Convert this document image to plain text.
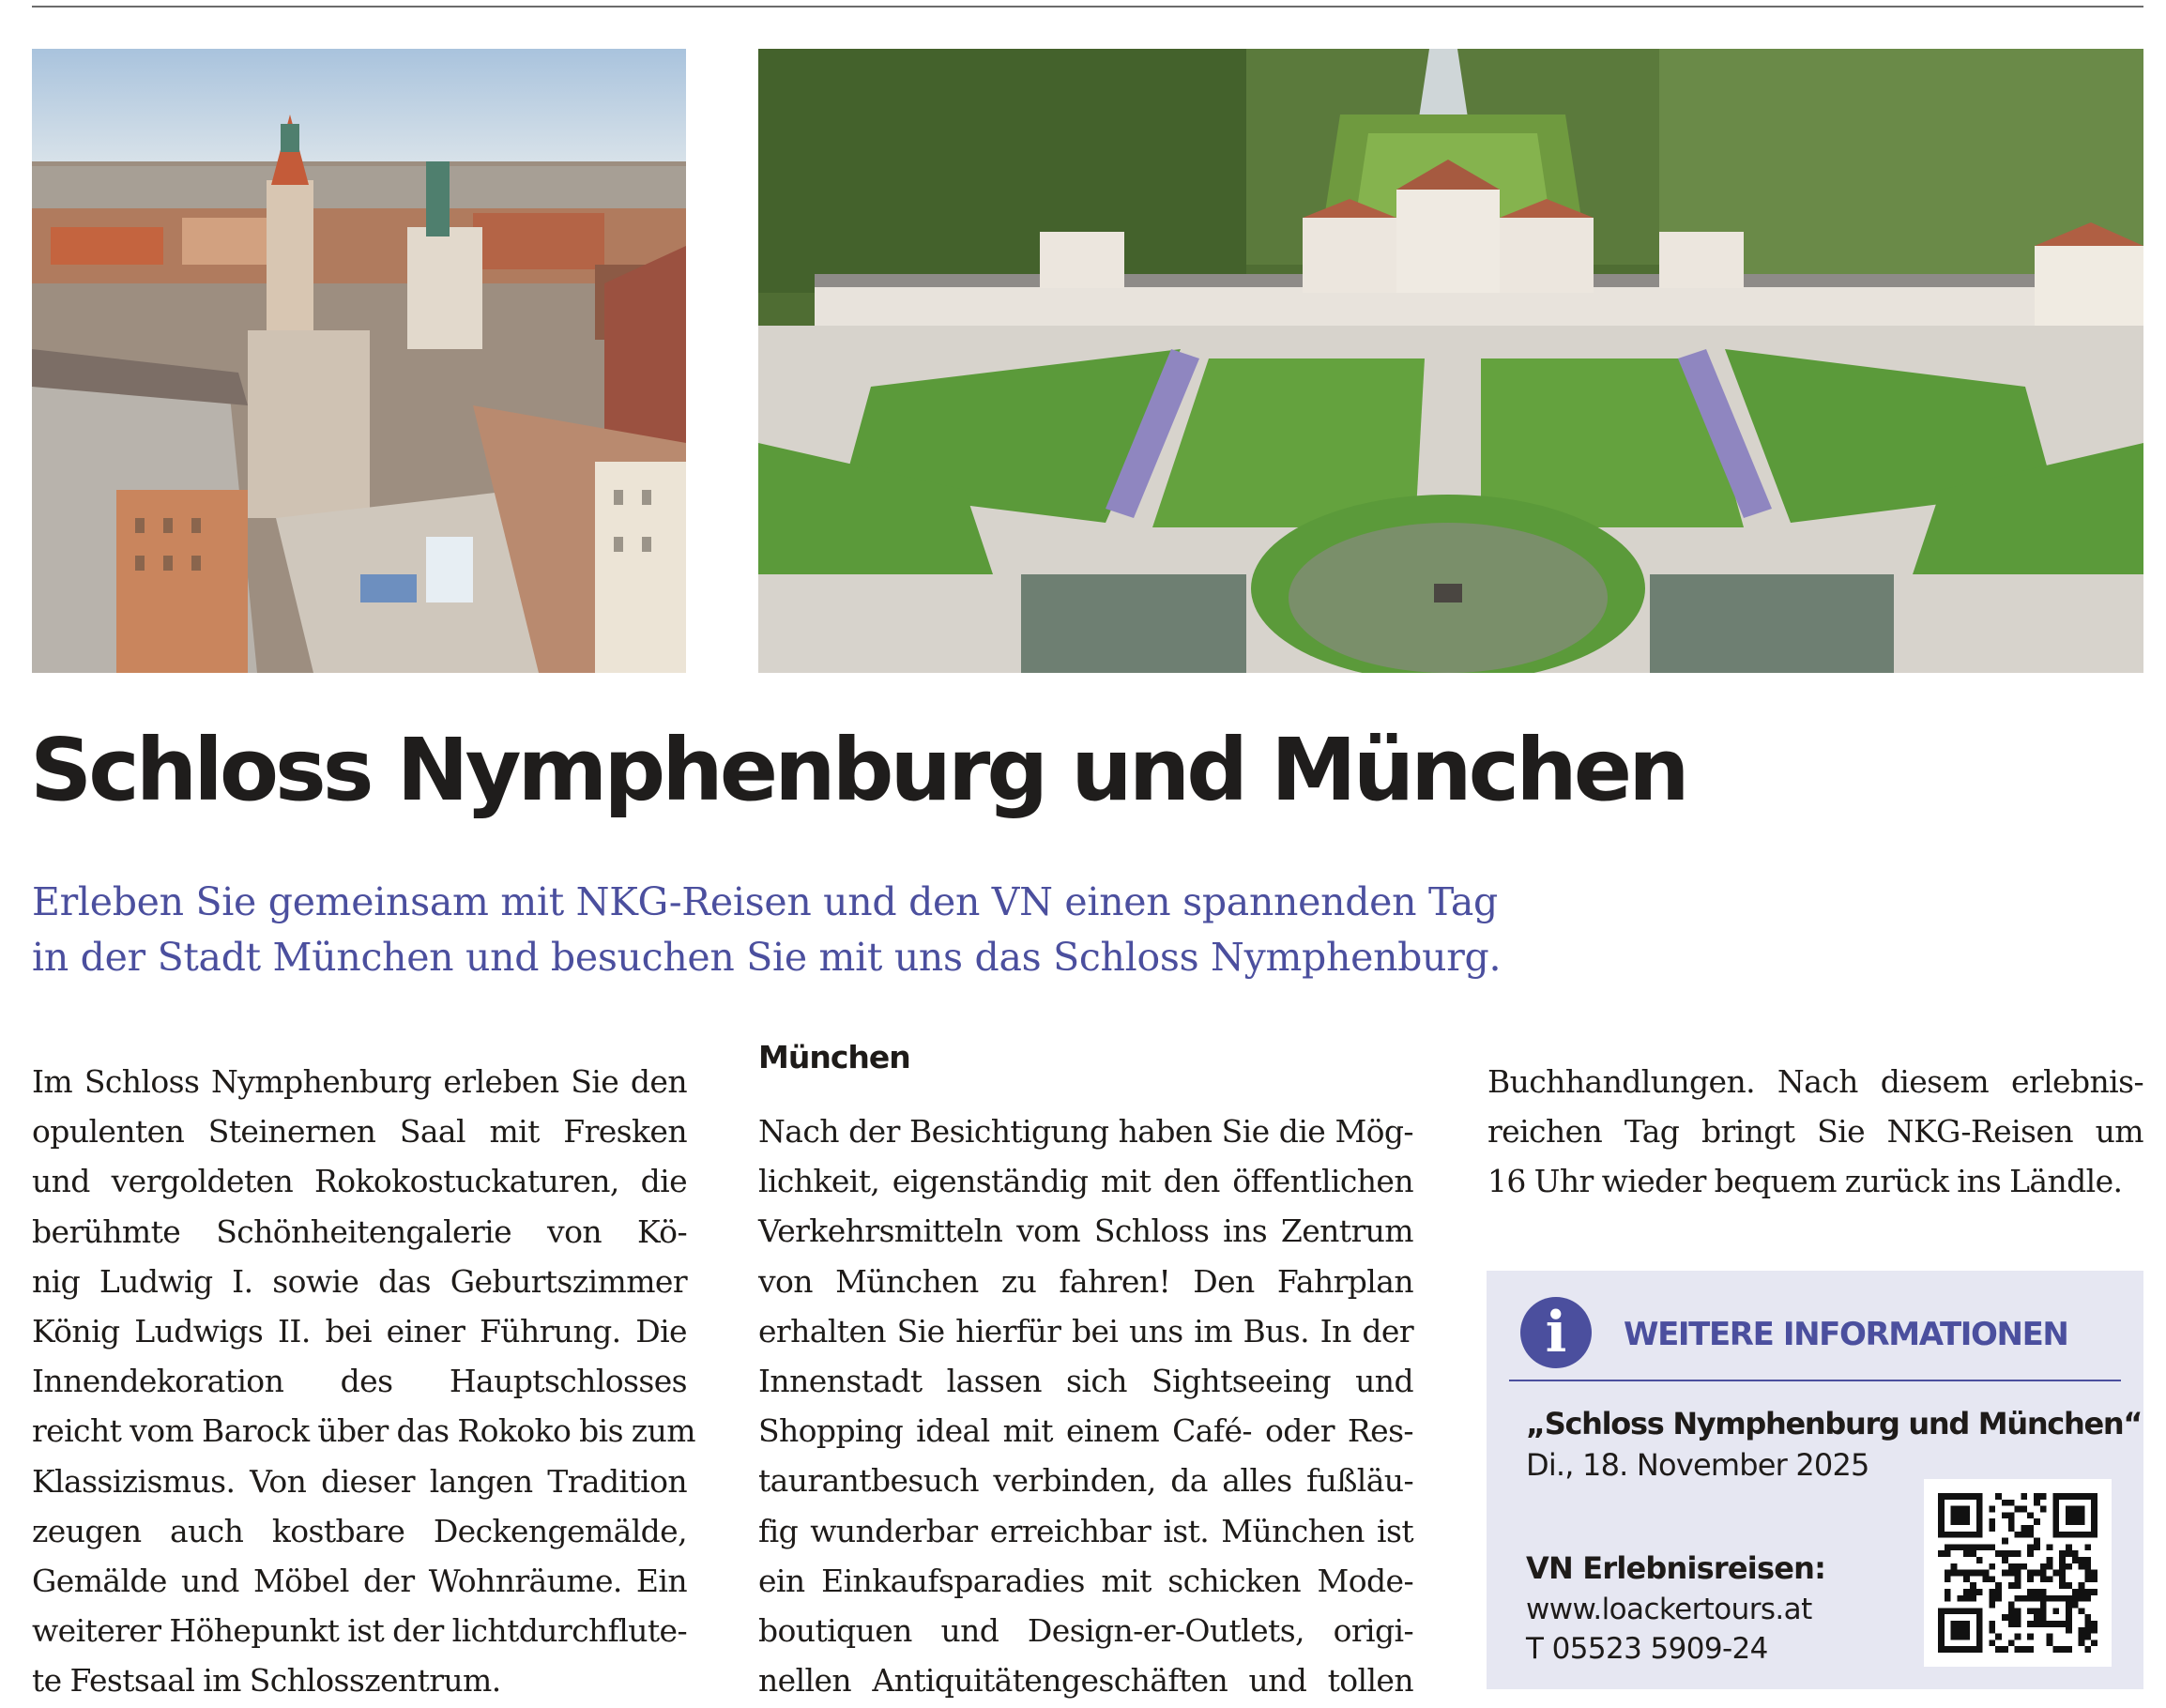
Schloss Nymphenburg und München

Erleben Sie gemeinsam mit NKG-Reisen und den VN einen spannenden Tag
in der Stadt München und besuchen Sie mit uns das Schloss Nymphenburg.

Im Schloss Nymphenburg erleben Sie den
opulenten Steinernen Saal mit Fresken
und vergoldeten Rokokostuckaturen, die
berühmte Schönheitengalerie von Kö-
nig Ludwig I. sowie das Geburtszimmer
König Ludwigs II. bei einer Führung. Die
Innendekoration des Hauptschlosses
reicht vom Barock über das Rokoko bis zum
Klassizismus. Von dieser langen Tradition
zeugen auch kostbare Deckengemälde,
Gemälde und Möbel der Wohnräume. Ein
weiterer Höhepunkt ist der lichtdurchflute-
te Festsaal im Schlosszentrum.
München
Nach der Besichtigung haben Sie die Mög-
lichkeit, eigenständig mit den öffentlichen
Verkehrsmitteln vom Schloss ins Zentrum
von München zu fahren! Den Fahrplan
erhalten Sie hierfür bei uns im Bus. In der
Innenstadt lassen sich Sightseeing und
Shopping ideal mit einem Café- oder Res-
taurantbesuch verbinden, da alles fußläu-
fig wunderbar erreichbar ist. München ist
ein Einkaufsparadies mit schicken Mode-
boutiquen und Design-er-Outlets, origi-
nellen Antiquitätengeschäften und tollen
Buchhandlungen. Nach diesem erlebnis-
reichen Tag bringt Sie NKG-Reisen um
16 Uhr wieder bequem zurück ins Ländle.
i	WEITERE INFORMATIONEN
„Schloss Nymphenburg und München“
Di., 18. November 2025
VN Erlebnisreisen:
www.loackertours.at
T 05523 5909-24
